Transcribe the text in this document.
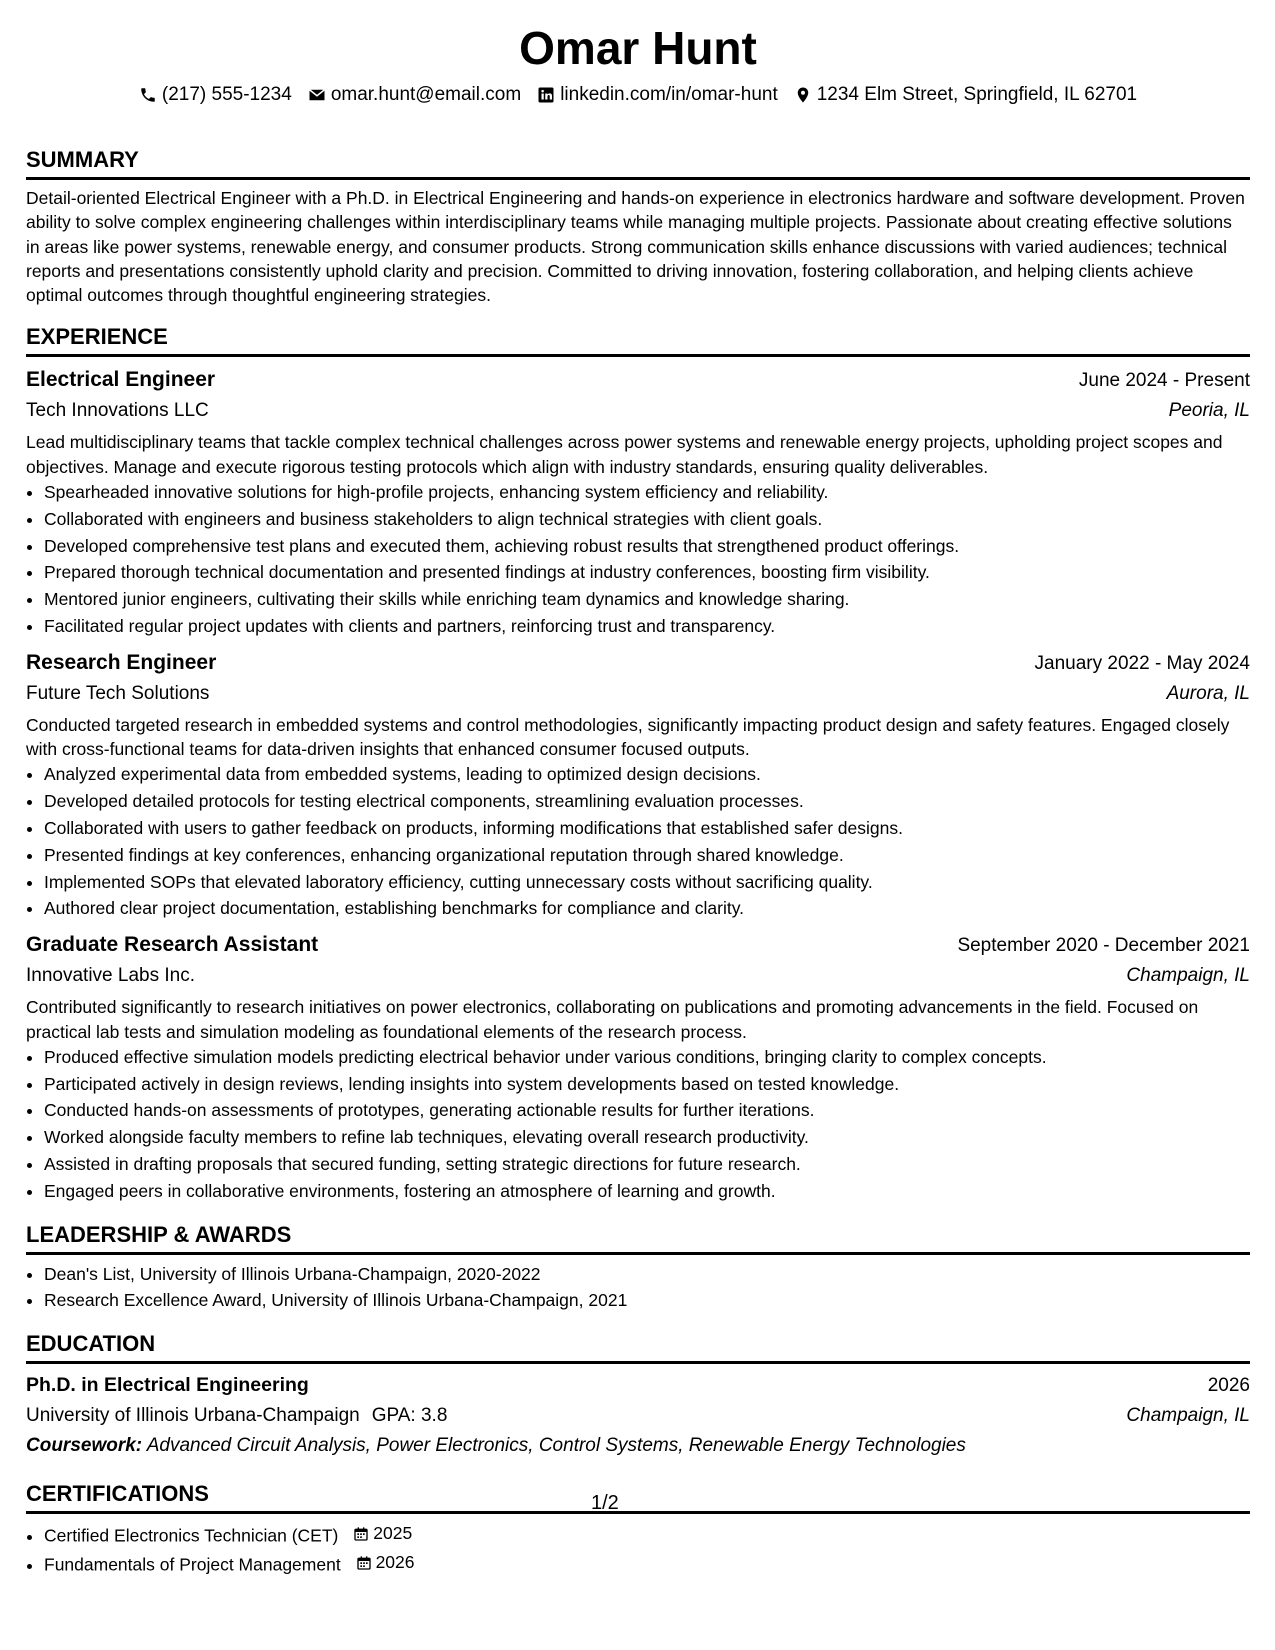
Omar Hunt
(217) 555-1234 omar.hunt@email.com linkedin.com/in/omar-hunt 1234 Elm Street, Springfield, IL 62701
SUMMARY
Detail-oriented Electrical Engineer with a Ph.D. in Electrical Engineering and hands-on experience in electronics hardware and software development. Proven ability to solve complex engineering challenges within interdisciplinary teams while managing multiple projects. Passionate about creating effective solutions in areas like power systems, renewable energy, and consumer products. Strong communication skills enhance discussions with varied audiences; technical reports and presentations consistently uphold clarity and precision. Committed to driving innovation, fostering collaboration, and helping clients achieve optimal outcomes through thoughtful engineering strategies.
EXPERIENCE
Electrical Engineer	June 2024 - Present
Tech Innovations LLC	Peoria, IL
Lead multidisciplinary teams that tackle complex technical challenges across power systems and renewable energy projects, upholding project scopes and objectives. Manage and execute rigorous testing protocols which align with industry standards, ensuring quality deliverables.
• Spearheaded innovative solutions for high-profile projects, enhancing system efficiency and reliability.
• Collaborated with engineers and business stakeholders to align technical strategies with client goals.
• Developed comprehensive test plans and executed them, achieving robust results that strengthened product offerings.
• Prepared thorough technical documentation and presented findings at industry conferences, boosting firm visibility.
• Mentored junior engineers, cultivating their skills while enriching team dynamics and knowledge sharing.
• Facilitated regular project updates with clients and partners, reinforcing trust and transparency.
Research Engineer	January 2022 - May 2024
Future Tech Solutions	Aurora, IL
Conducted targeted research in embedded systems and control methodologies, significantly impacting product design and safety features. Engaged closely with cross-functional teams for data-driven insights that enhanced consumer focused outputs.
• Analyzed experimental data from embedded systems, leading to optimized design decisions.
• Developed detailed protocols for testing electrical components, streamlining evaluation processes.
• Collaborated with users to gather feedback on products, informing modifications that established safer designs.
• Presented findings at key conferences, enhancing organizational reputation through shared knowledge.
• Implemented SOPs that elevated laboratory efficiency, cutting unnecessary costs without sacrificing quality.
• Authored clear project documentation, establishing benchmarks for compliance and clarity.
Graduate Research Assistant	September 2020 - December 2021
Innovative Labs Inc.	Champaign, IL
Contributed significantly to research initiatives on power electronics, collaborating on publications and promoting advancements in the field. Focused on practical lab tests and simulation modeling as foundational elements of the research process.
• Produced effective simulation models predicting electrical behavior under various conditions, bringing clarity to complex concepts.
• Participated actively in design reviews, lending insights into system developments based on tested knowledge.
• Conducted hands-on assessments of prototypes, generating actionable results for further iterations.
• Worked alongside faculty members to refine lab techniques, elevating overall research productivity.
• Assisted in drafting proposals that secured funding, setting strategic directions for future research.
• Engaged peers in collaborative environments, fostering an atmosphere of learning and growth.
LEADERSHIP & AWARDS
• Dean's List, University of Illinois Urbana-Champaign, 2020-2022
• Research Excellence Award, University of Illinois Urbana-Champaign, 2021
EDUCATION
Ph.D. in Electrical Engineering	2026
University of Illinois Urbana-Champaign GPA: 3.8	Champaign, IL
Coursework: Advanced Circuit Analysis, Power Electronics, Control Systems, Renewable Energy Technologies
CERTIFICATIONS
• Certified Electronics Technician (CET) 2025
• Fundamentals of Project Management 2026
1/2
